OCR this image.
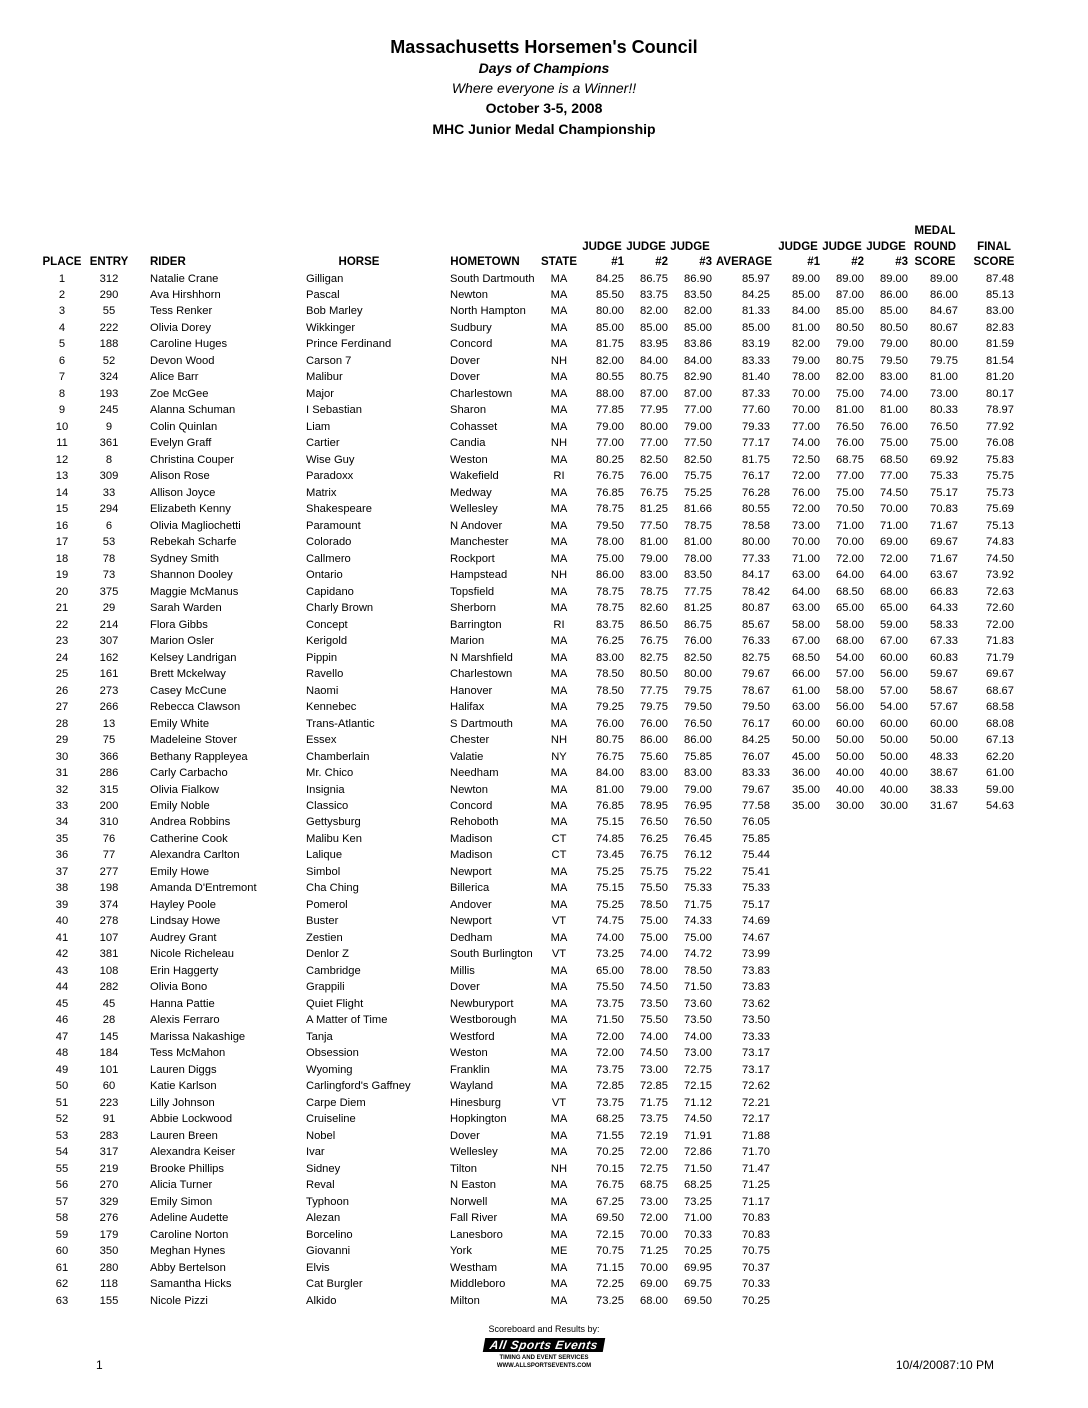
Massachusetts Horsemen's Council
Days of Champions
Where everyone is a Winner!!
October 3-5, 2008
MHC Junior Medal Championship
													MEDAL	
						JUDGE	JUDGE	JUDGE		JUDGE	JUDGE	JUDGE	ROUND	FINAL
PLACE	ENTRY	RIDER	HORSE	HOMETOWN	STATE	#1	#2	#3	AVERAGE	#1	#2	#3	SCORE	SCORE
1	312	Natalie Crane	Gilligan	South Dartmouth	MA	84.25	86.75	86.90	85.97	89.00	89.00	89.00	89.00	87.48
2	290	Ava Hirshhorn	Pascal	Newton	MA	85.50	83.75	83.50	84.25	85.00	87.00	86.00	86.00	85.13
3	55	Tess Renker	Bob Marley	North Hampton	MA	80.00	82.00	82.00	81.33	84.00	85.00	85.00	84.67	83.00
4	222	Olivia Dorey	Wikkinger	Sudbury	MA	85.00	85.00	85.00	85.00	81.00	80.50	80.50	80.67	82.83
5	188	Caroline Huges	Prince Ferdinand	Concord	MA	81.75	83.95	83.86	83.19	82.00	79.00	79.00	80.00	81.59
6	52	Devon Wood	Carson 7	Dover	NH	82.00	84.00	84.00	83.33	79.00	80.75	79.50	79.75	81.54
7	324	Alice Barr	Malibur	Dover	MA	80.55	80.75	82.90	81.40	78.00	82.00	83.00	81.00	81.20
8	193	Zoe McGee	Major	Charlestown	MA	88.00	87.00	87.00	87.33	70.00	75.00	74.00	73.00	80.17
9	245	Alanna Schuman	I Sebastian	Sharon	MA	77.85	77.95	77.00	77.60	70.00	81.00	81.00	80.33	78.97
10	9	Colin Quinlan	Liam	Cohasset	MA	79.00	80.00	79.00	79.33	77.00	76.50	76.00	76.50	77.92
11	361	Evelyn Graff	Cartier	Candia	NH	77.00	77.00	77.50	77.17	74.00	76.00	75.00	75.00	76.08
12	8	Christina Couper	Wise Guy	Weston	MA	80.25	82.50	82.50	81.75	72.50	68.75	68.50	69.92	75.83
13	309	Alison Rose	Paradoxx	Wakefield	RI	76.75	76.00	75.75	76.17	72.00	77.00	77.00	75.33	75.75
14	33	Allison Joyce	Matrix	Medway	MA	76.85	76.75	75.25	76.28	76.00	75.00	74.50	75.17	75.73
15	294	Elizabeth Kenny	Shakespeare	Wellesley	MA	78.75	81.25	81.66	80.55	72.00	70.50	70.00	70.83	75.69
16	6	Olivia Magliochetti	Paramount	N Andover	MA	79.50	77.50	78.75	78.58	73.00	71.00	71.00	71.67	75.13
17	53	Rebekah Scharfe	Colorado	Manchester	MA	78.00	81.00	81.00	80.00	70.00	70.00	69.00	69.67	74.83
18	78	Sydney Smith	Callmero	Rockport	MA	75.00	79.00	78.00	77.33	71.00	72.00	72.00	71.67	74.50
19	73	Shannon Dooley	Ontario	Hampstead	NH	86.00	83.00	83.50	84.17	63.00	64.00	64.00	63.67	73.92
20	375	Maggie McManus	Capidano	Topsfield	MA	78.75	78.75	77.75	78.42	64.00	68.50	68.00	66.83	72.63
21	29	Sarah Warden	Charly Brown	Sherborn	MA	78.75	82.60	81.25	80.87	63.00	65.00	65.00	64.33	72.60
22	214	Flora Gibbs	Concept	Barrington	RI	83.75	86.50	86.75	85.67	58.00	58.00	59.00	58.33	72.00
23	307	Marion Osler	Kerigold	Marion	MA	76.25	76.75	76.00	76.33	67.00	68.00	67.00	67.33	71.83
24	162	Kelsey Landrigan	Pippin	N Marshfield	MA	83.00	82.75	82.50	82.75	68.50	54.00	60.00	60.83	71.79
25	161	Brett Mckelway	Ravello	Charlestown	MA	78.50	80.50	80.00	79.67	66.00	57.00	56.00	59.67	69.67
26	273	Casey McCune	Naomi	Hanover	MA	78.50	77.75	79.75	78.67	61.00	58.00	57.00	58.67	68.67
27	266	Rebecca Clawson	Kennebec	Halifax	MA	79.25	79.75	79.50	79.50	63.00	56.00	54.00	57.67	68.58
28	13	Emily White	Trans-Atlantic	S Dartmouth	MA	76.00	76.00	76.50	76.17	60.00	60.00	60.00	60.00	68.08
29	75	Madeleine Stover	Essex	Chester	NH	80.75	86.00	86.00	84.25	50.00	50.00	50.00	50.00	67.13
30	366	Bethany Rappleyea	Chamberlain	Valatie	NY	76.75	75.60	75.85	76.07	45.00	50.00	50.00	48.33	62.20
31	286	Carly Carbacho	Mr. Chico	Needham	MA	84.00	83.00	83.00	83.33	36.00	40.00	40.00	38.67	61.00
32	315	Olivia Fialkow	Insignia	Newton	MA	81.00	79.00	79.00	79.67	35.00	40.00	40.00	38.33	59.00
33	200	Emily Noble	Classico	Concord	MA	76.85	78.95	76.95	77.58	35.00	30.00	30.00	31.67	54.63
34	310	Andrea Robbins	Gettysburg	Rehoboth	MA	75.15	76.50	76.50	76.05					
35	76	Catherine Cook	Malibu Ken	Madison	CT	74.85	76.25	76.45	75.85					
36	77	Alexandra Carlton	Lalique	Madison	CT	73.45	76.75	76.12	75.44					
37	277	Emily Howe	Simbol	Newport	MA	75.25	75.75	75.22	75.41					
38	198	Amanda D'Entremont	Cha Ching	Billerica	MA	75.15	75.50	75.33	75.33					
39	374	Hayley Poole	Pomerol	Andover	MA	75.25	78.50	71.75	75.17					
40	278	Lindsay Howe	Buster	Newport	VT	74.75	75.00	74.33	74.69					
41	107	Audrey Grant	Zestien	Dedham	MA	74.00	75.00	75.00	74.67					
42	381	Nicole Richeleau	Denlor Z	South Burlington	VT	73.25	74.00	74.72	73.99					
43	108	Erin Haggerty	Cambridge	Millis	MA	65.00	78.00	78.50	73.83					
44	282	Olivia Bono	Grappili	Dover	MA	75.50	74.50	71.50	73.83					
45	45	Hanna Pattie	Quiet Flight	Newburyport	MA	73.75	73.50	73.60	73.62					
46	28	Alexis Ferraro	A Matter of Time	Westborough	MA	71.50	75.50	73.50	73.50					
47	145	Marissa Nakashige	Tanja	Westford	MA	72.00	74.00	74.00	73.33					
48	184	Tess McMahon	Obsession	Weston	MA	72.00	74.50	73.00	73.17					
49	101	Lauren Diggs	Wyoming	Franklin	MA	73.75	73.00	72.75	73.17					
50	60	Katie Karlson	Carlingford's Gaffney	Wayland	MA	72.85	72.85	72.15	72.62					
51	223	Lilly Johnson	Carpe Diem	Hinesburg	VT	73.75	71.75	71.12	72.21					
52	91	Abbie Lockwood	Cruiseline	Hopkington	MA	68.25	73.75	74.50	72.17					
53	283	Lauren Breen	Nobel	Dover	MA	71.55	72.19	71.91	71.88					
54	317	Alexandra Keiser	Ivar	Wellesley	MA	70.25	72.00	72.86	71.70					
55	219	Brooke Phillips	Sidney	Tilton	NH	70.15	72.75	71.50	71.47					
56	270	Alicia Turner	Reval	N Easton	MA	76.75	68.75	68.25	71.25					
57	329	Emily Simon	Typhoon	Norwell	MA	67.25	73.00	73.25	71.17					
58	276	Adeline Audette	Alezan	Fall River	MA	69.50	72.00	71.00	70.83					
59	179	Caroline Norton	Borcelino	Lanesboro	MA	72.15	70.00	70.33	70.83					
60	350	Meghan Hynes	Giovanni	York	ME	70.75	71.25	70.25	70.75					
61	280	Abby Bertelson	Elvis	Westham	MA	71.15	70.00	69.95	70.37					
62	118	Samantha Hicks	Cat Burgler	Middleboro	MA	72.25	69.00	69.75	70.33					
63	155	Nicole Pizzi	Alkido	Milton	MA	73.25	68.00	69.50	70.25					
Scoreboard and Results by:
All Sports Events
TIMING AND EVENT SERVICES
WWW.ALLSPORTSEVENTS.COM
1	10/4/20087:10 PM
